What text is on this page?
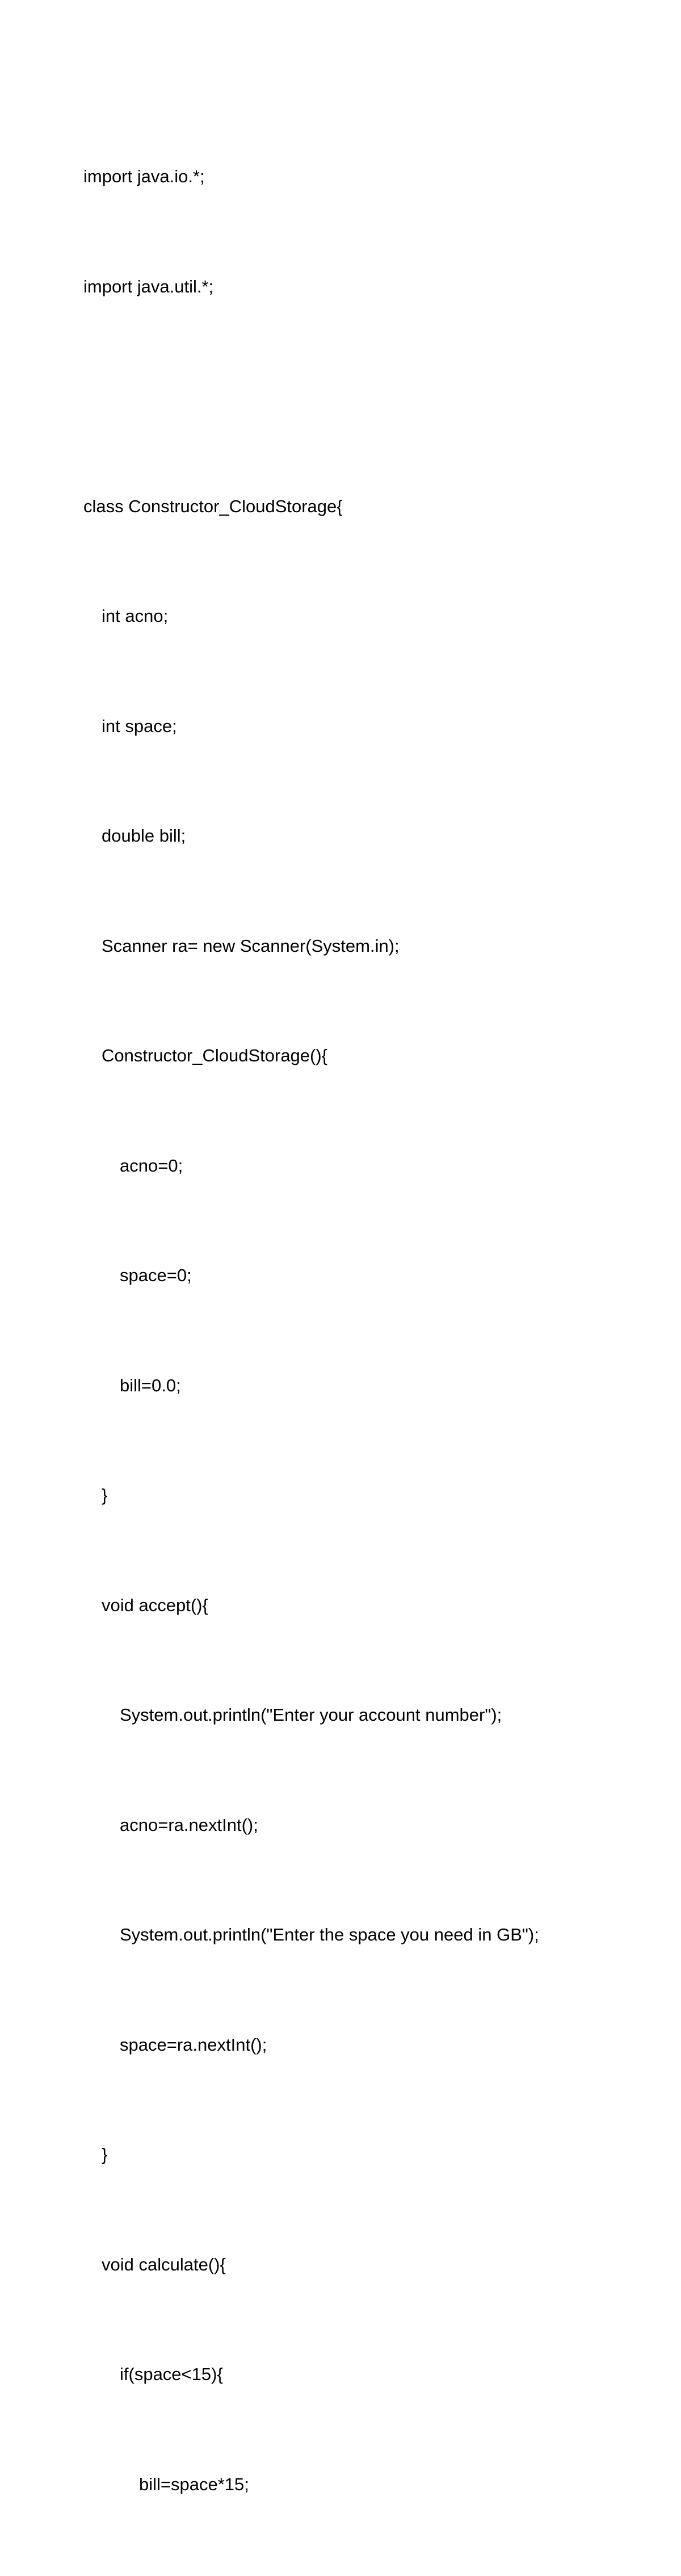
import java.io.*;

import java.util.*;

class Constructor_CloudStorage{

int acno;

int space;

double bill;

Scanner ra= new Scanner(System.in);

Constructor_CloudStorage(){

acno=0;

space=0;

bill=0.0;

}

void accept(){

System.out.println("Enter your account number");

acno=ra.nextInt();

System.out.println("Enter the space you need in GB");

space=ra.nextInt();

}

void calculate(){

if(space<15){

bill=space*15;
